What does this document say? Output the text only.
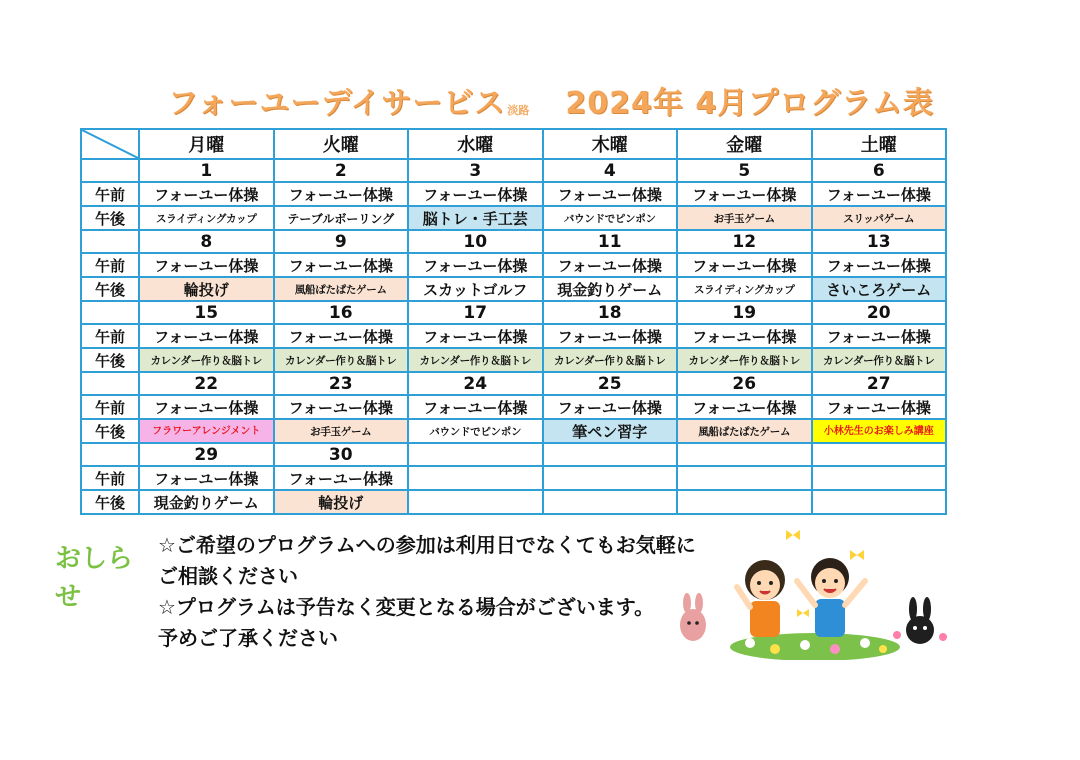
フォーユーデイサービス 淡路 2024年 4月プログラム表
	月曜	火曜	水曜	木曜	金曜	土曜
	1	2	3	4	5	6
午前	フォーユー体操	フォーユー体操	フォーユー体操	フォーユー体操	フォーユー体操	フォーユー体操
午後	スライディングカップ	テーブルボーリング	脳トレ・手工芸	バウンドでピンポン	お手玉ゲーム	スリッパゲーム
	8	9	10	11	12	13
午前	フォーユー体操	フォーユー体操	フォーユー体操	フォーユー体操	フォーユー体操	フォーユー体操
午後	輪投げ	風船ぱたぱたゲーム	スカットゴルフ	現金釣りゲーム	スライディングカップ	さいころゲーム
	15	16	17	18	19	20
午前	フォーユー体操	フォーユー体操	フォーユー体操	フォーユー体操	フォーユー体操	フォーユー体操
午後	カレンダー作り＆脳トレ	カレンダー作り＆脳トレ	カレンダー作り＆脳トレ	カレンダー作り＆脳トレ	カレンダー作り＆脳トレ	カレンダー作り＆脳トレ
	22	23	24	25	26	27
午前	フォーユー体操	フォーユー体操	フォーユー体操	フォーユー体操	フォーユー体操	フォーユー体操
午後	フラワーアレンジメント	お手玉ゲーム	バウンドでピンポン	筆ペン習字	風船ぱたぱたゲーム	小林先生のお楽しみ講座
	29	30				
午前	フォーユー体操	フォーユー体操				
午後	現金釣りゲーム	輪投げ				
おしらせ
☆ご希望のプログラムへの参加は利用日でなくてもお気軽に
ご相談ください
☆プログラムは予告なく変更となる場合がございます。
予めご了承ください
